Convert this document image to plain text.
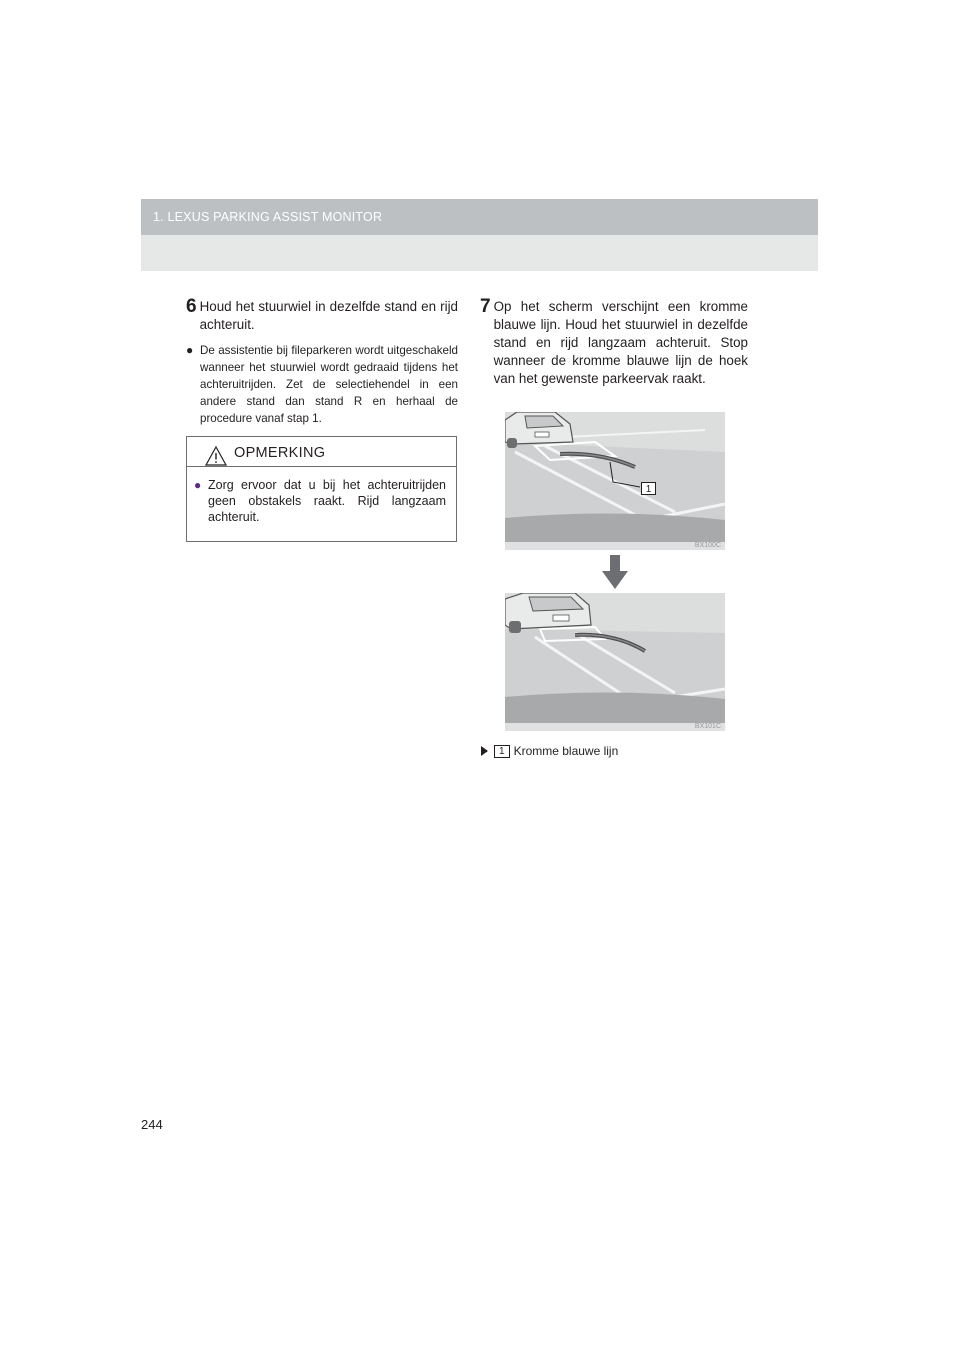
1. LEXUS PARKING ASSIST MONITOR
6 Houd het stuurwiel in dezelfde stand en rijd achteruit.
● De assistentie bij fileparkeren wordt uitgeschakeld wanneer het stuurwiel wordt gedraaid tijdens het achteruitrijden. Zet de selectiehendel in een andere stand dan stand R en herhaal de procedure vanaf stap 1.
OPMERKING
● Zorg ervoor dat u bij het achteruitrijden geen obstakels raakt. Rijd langzaam achteruit.
7 Op het scherm verschijnt een kromme blauwe lijn. Houd het stuurwiel in dezelfde stand en rijd langzaam achteruit. Stop wanneer de kromme blauwe lijn de hoek van het gewenste parkeervak raakt.
BX100C
1
BX101C
1 Kromme blauwe lijn
244
